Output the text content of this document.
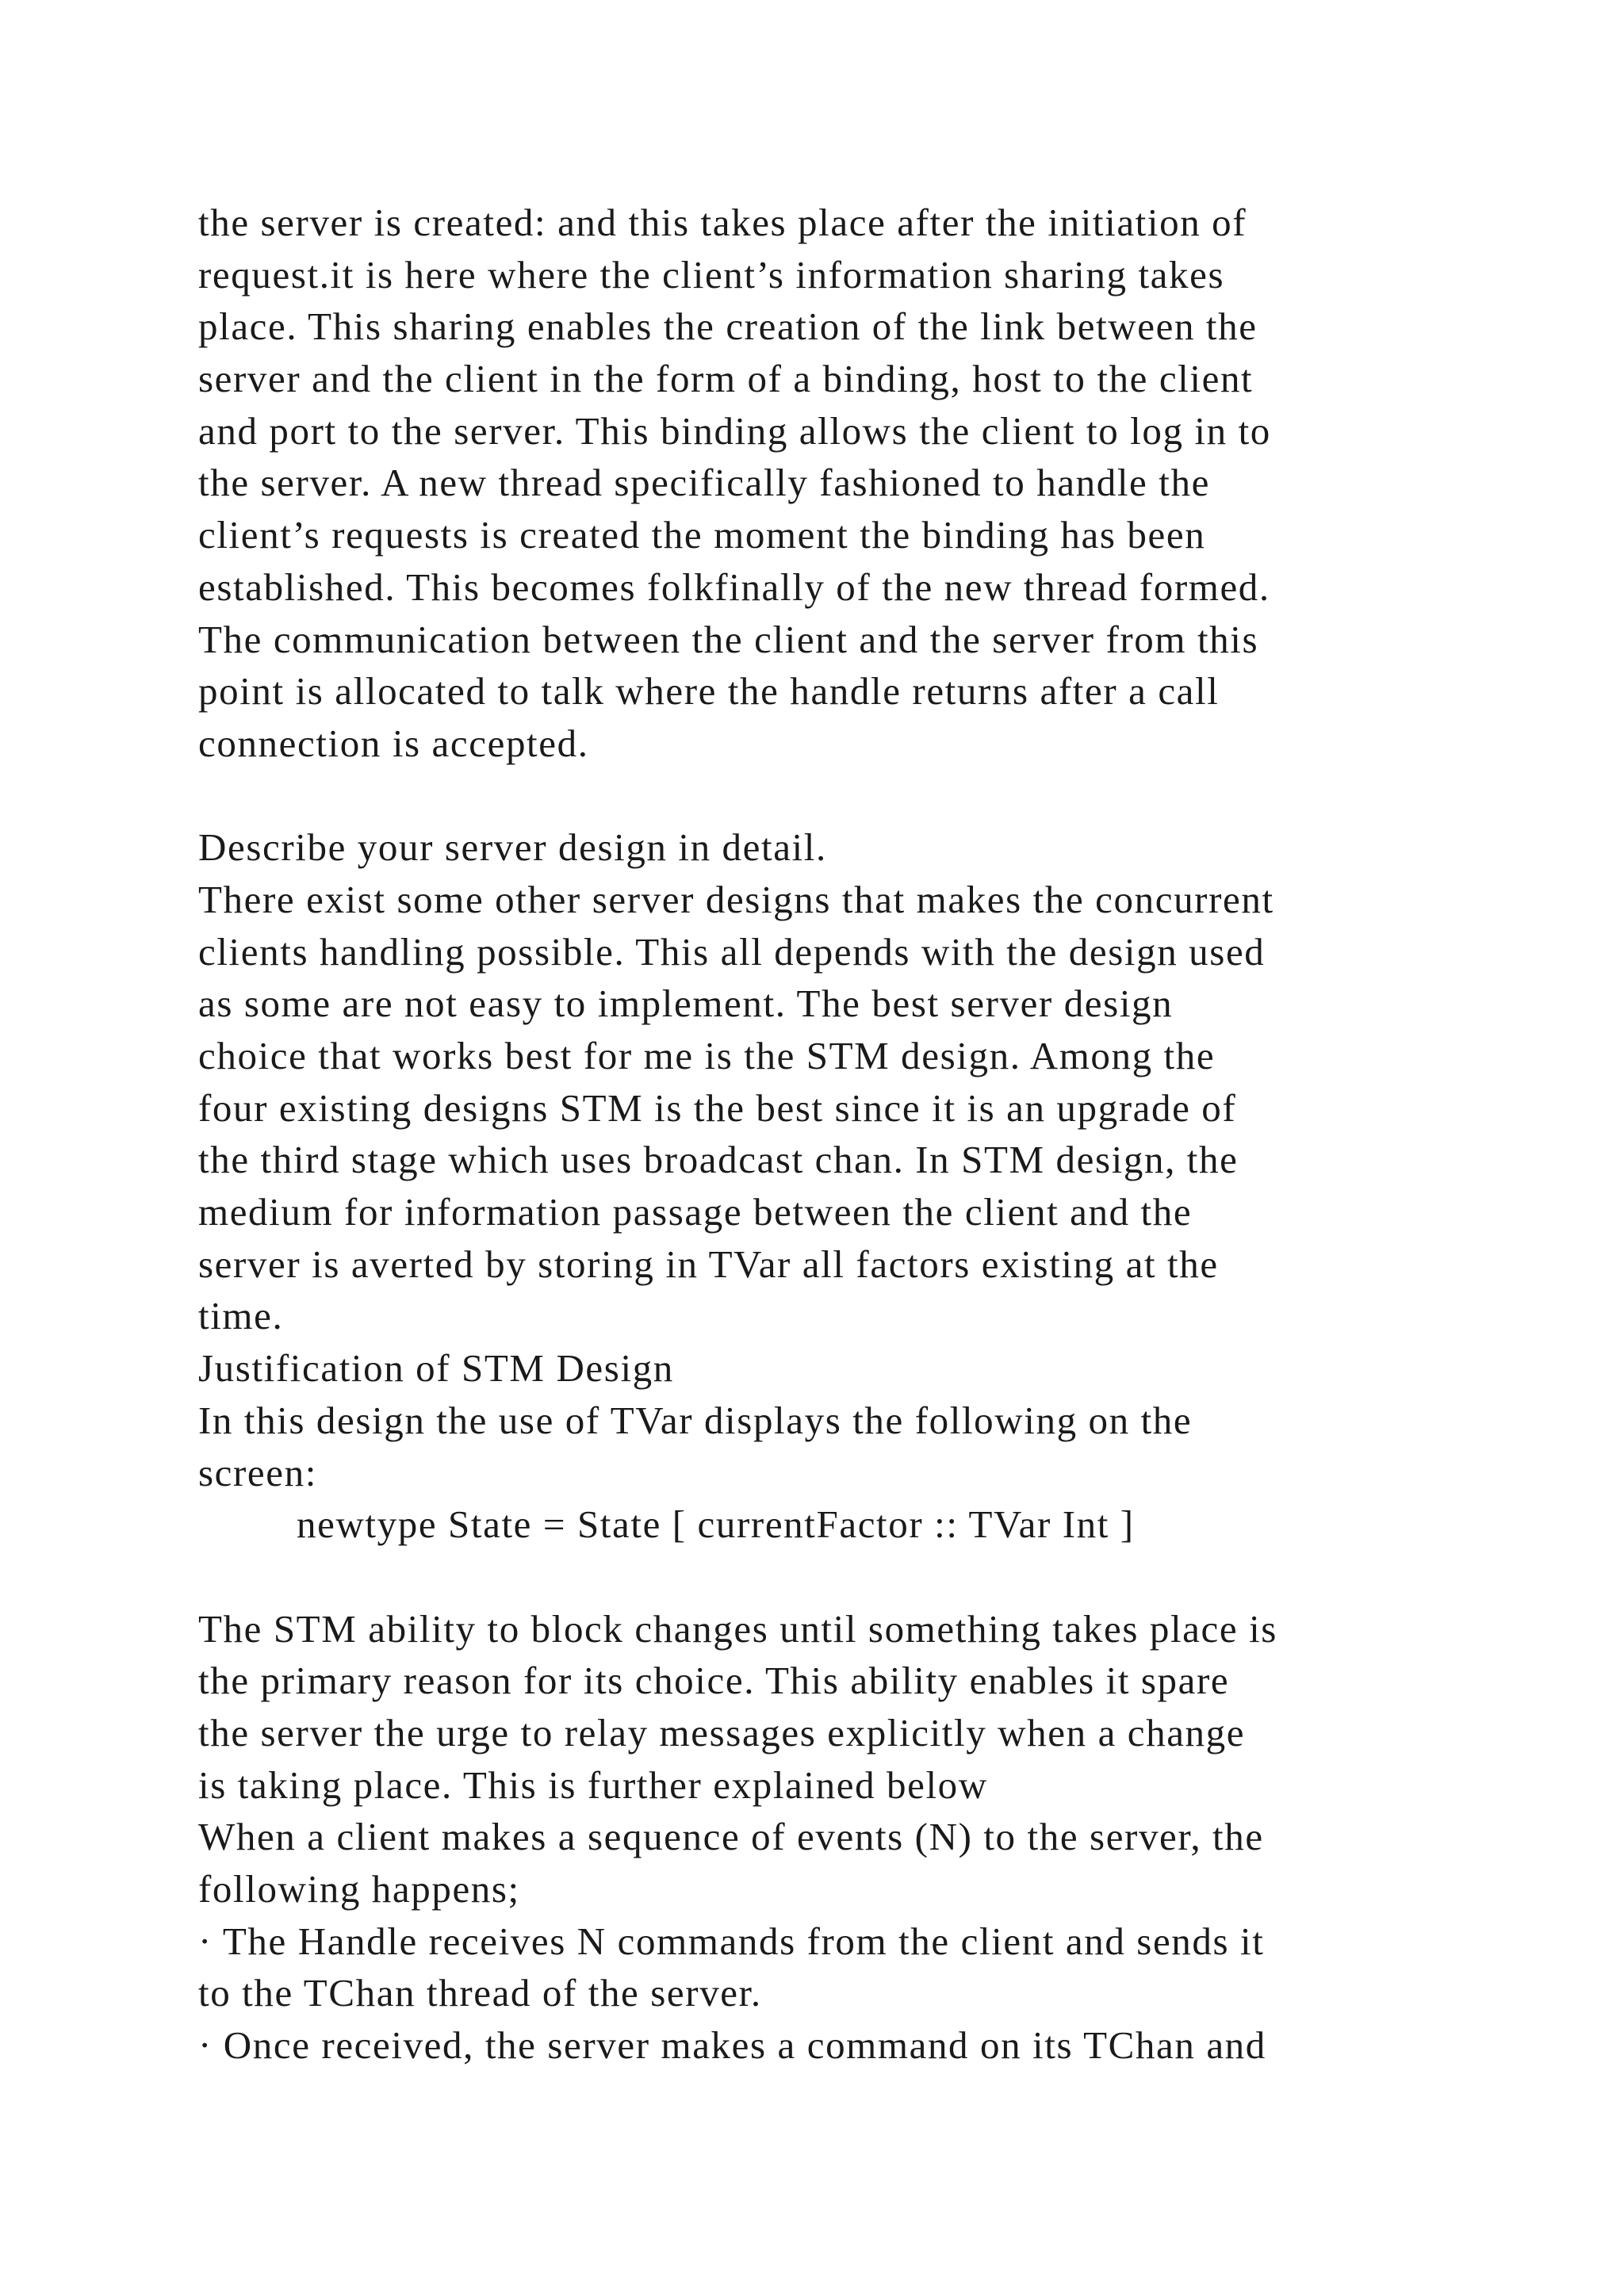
the server is created: and this takes place after the initiation of
request.it is here where the client’s information sharing takes
place. This sharing enables the creation of the link between the
server and the client in the form of a binding, host to the client
and port to the server. This binding allows the client to log in to
the server. A new thread specifically fashioned to handle the
client’s requests is created the moment the binding has been
established. This becomes folkfinally of the new thread formed.
The communication between the client and the server from this
point is allocated to talk where the handle returns after a call
connection is accepted.
Describe your server design in detail.
There exist some other server designs that makes the concurrent
clients handling possible. This all depends with the design used
as some are not easy to implement. The best server design
choice that works best for me is the STM design. Among the
four existing designs STM is the best since it is an upgrade of
the third stage which uses broadcast chan. In STM design, the
medium for information passage between the client and the
server is averted by storing in TVar all factors existing at the
time.
Justification of STM Design
In this design the use of TVar displays the following on the
screen:
newtype State = State [ currentFactor :: TVar Int ]
The STM ability to block changes until something takes place is
the primary reason for its choice. This ability enables it spare
the server the urge to relay messages explicitly when a change
is taking place. This is further explained below
When a client makes a sequence of events (N) to the server, the
following happens;
· The Handle receives N commands from the client and sends it
to the TChan thread of the server.
· Once received, the server makes a command on its TChan and
